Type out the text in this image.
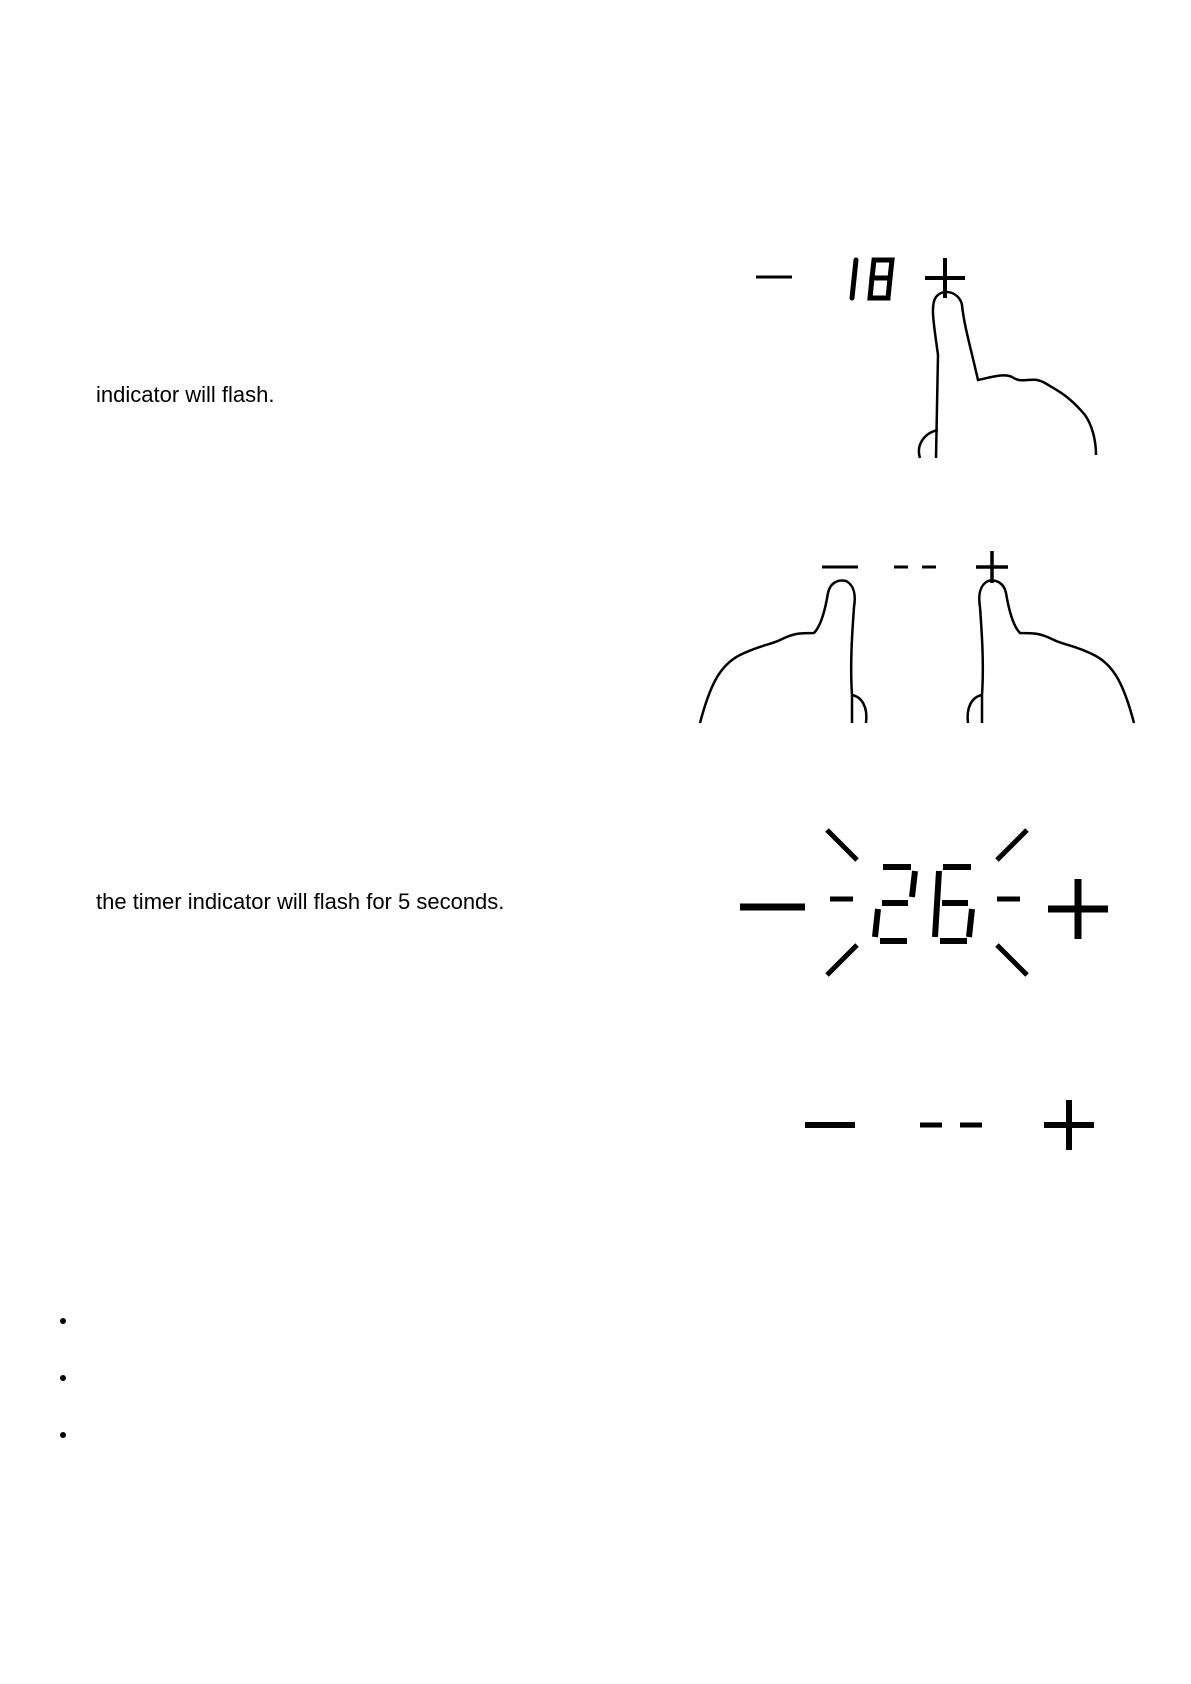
indicator will flash.
the timer indicator will flash for 5 seconds.
